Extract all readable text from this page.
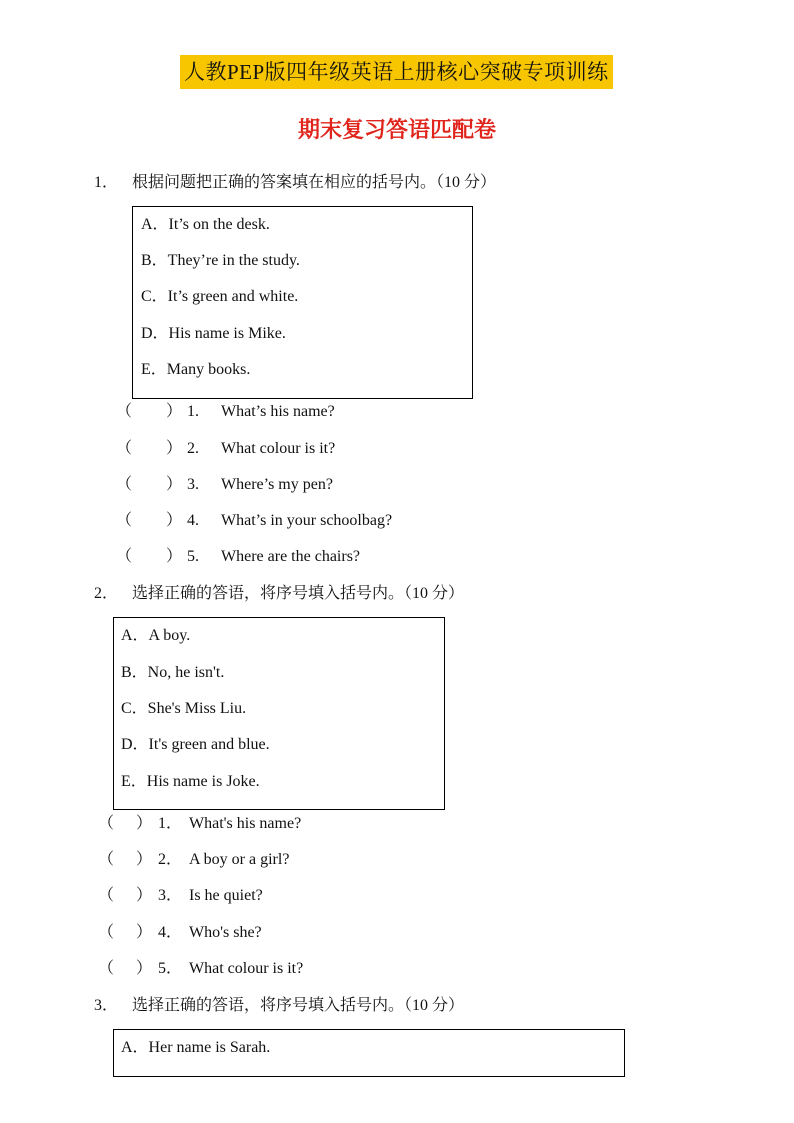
人教PEP版四年级英语上册核心突破专项训练
期末复习答语匹配卷
1． 根据问题把正确的答案填在相应的括号内。（10 分）
A．It’s on the desk.
B．They’re in the study.
C．It’s green and white.
D．His name is Mike.
E．Many books.
（ ） 1. What’s his name?
（ ） 2. What colour is it?
（ ） 3. Where’s my pen?
（ ） 4. What’s in your schoolbag?
（ ） 5. Where are the chairs?
2． 选择正确的答语，将序号填入括号内。（10 分）
A．A boy.
B．No, he isn't.
C．She's Miss Liu.
D．It's green and blue.
E．His name is Joke.
（ ） 1． What's his name?
（ ） 2． A boy or a girl?
（ ） 3． Is he quiet?
（ ） 4． Who's she?
（ ） 5． What colour is it?
3． 选择正确的答语，将序号填入括号内。（10 分）
A．Her name is Sarah.
